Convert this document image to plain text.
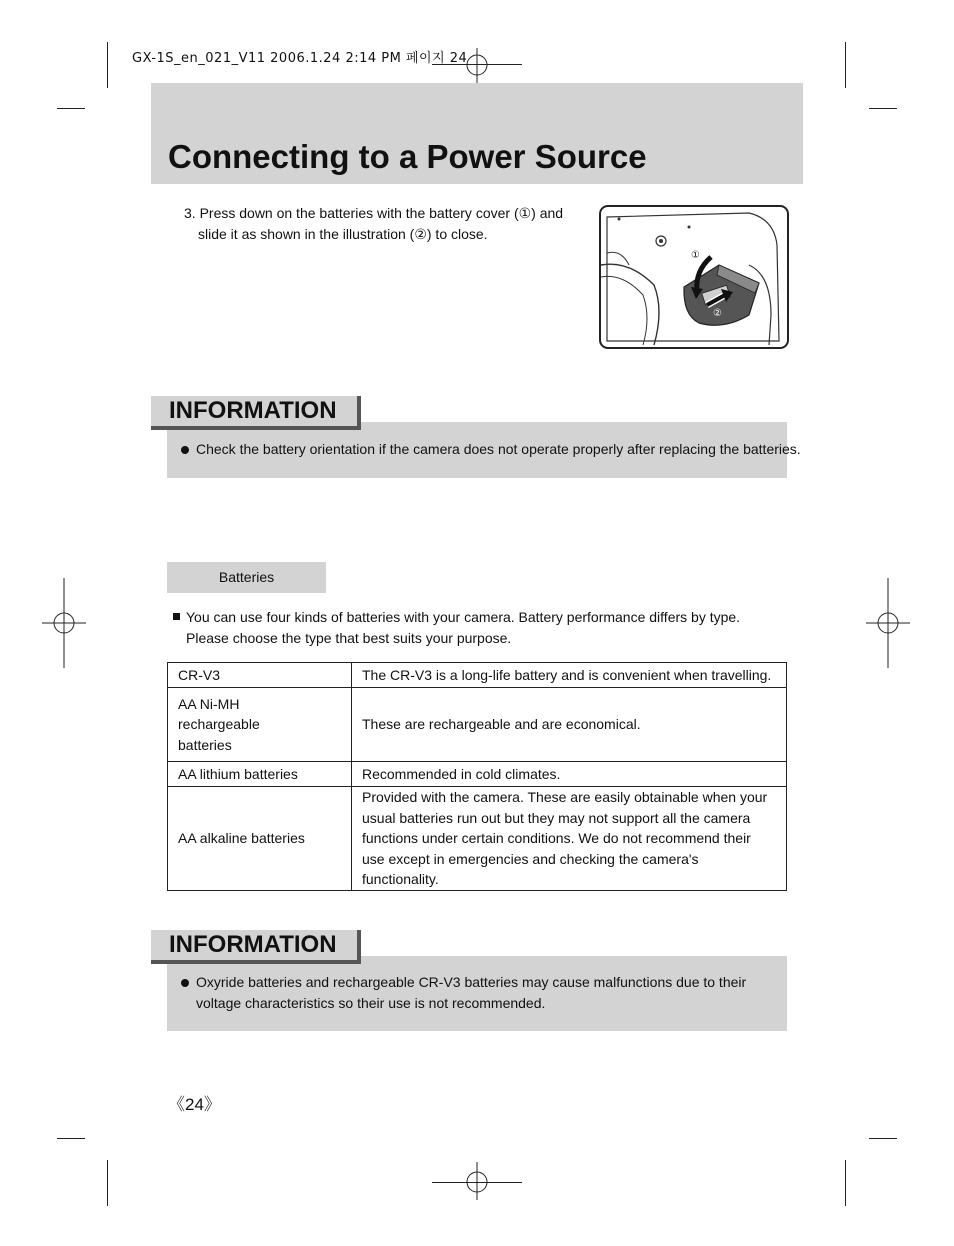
GX-1S_en_021_V11 2006.1.24 2:14 PM 페이지 24
Connecting to a Power Source
3. Press down on the batteries with the battery cover (①) and
slide it as shown in the illustration (②) to close.
①
②
INFORMATION
Check the battery orientation if the camera does not operate properly after replacing the batteries.
Batteries
You can use four kinds of batteries with your camera. Battery performance differs by type.
Please choose the type that best suits your purpose.
CR-V3	The CR-V3 is a long-life battery and is convenient when travelling.
AA Ni-MH rechargeable batteries	These are rechargeable and are economical.
AA lithium batteries	Recommended in cold climates.
AA alkaline batteries	Provided with the camera. These are easily obtainable when your usual batteries run out but they may not support all the camera functions under certain conditions. We do not recommend their use except in emergencies and checking the camera's functionality.
INFORMATION
Oxyride batteries and rechargeable CR-V3 batteries may cause malfunctions due to their voltage characteristics so their use is not recommended.
《24》
